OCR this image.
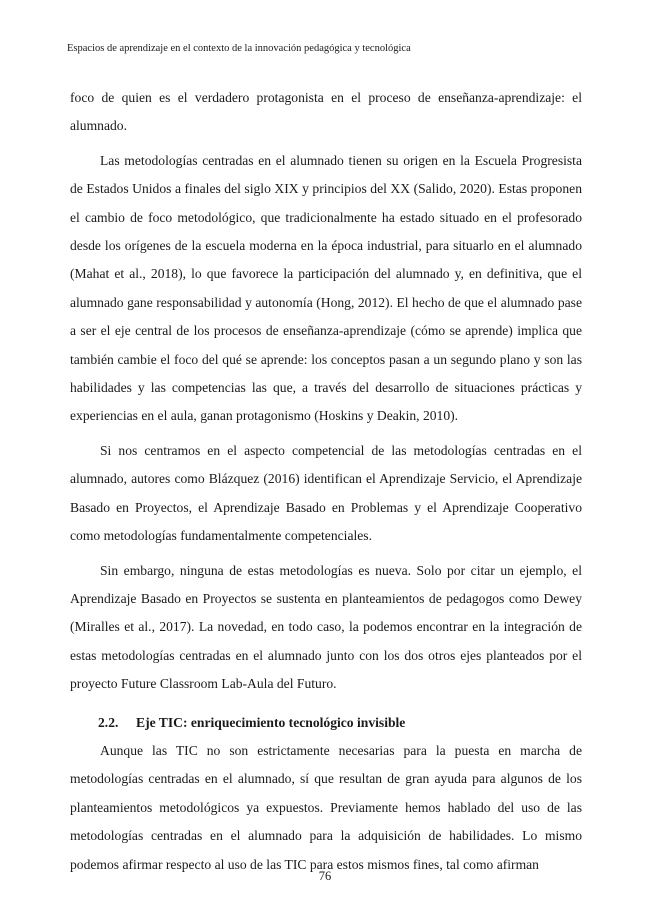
Espacios de aprendizaje en el contexto de la innovación pedagógica y tecnológica

foco de quien es el verdadero protagonista en el proceso de enseñanza-aprendizaje: el alumnado.

Las metodologías centradas en el alumnado tienen su origen en la Escuela Progresista de Estados Unidos a finales del siglo XIX y principios del XX (Salido, 2020). Estas proponen el cambio de foco metodológico, que tradicionalmente ha estado situado en el profesorado desde los orígenes de la escuela moderna en la época industrial, para situarlo en el alumnado (Mahat et al., 2018), lo que favorece la participación del alumnado y, en definitiva, que el alumnado gane responsabilidad y autonomía (Hong, 2012). El hecho de que el alumnado pase a ser el eje central de los procesos de enseñanza-aprendizaje (cómo se aprende) implica que también cambie el foco del qué se aprende: los conceptos pasan a un segundo plano y son las habilidades y las competencias las que, a través del desarrollo de situaciones prácticas y experiencias en el aula, ganan protagonismo (Hoskins y Deakin, 2010).

Si nos centramos en el aspecto competencial de las metodologías centradas en el alumnado, autores como Blázquez (2016) identifican el Aprendizaje Servicio, el Aprendizaje Basado en Proyectos, el Aprendizaje Basado en Problemas y el Aprendizaje Cooperativo como metodologías fundamentalmente competenciales.

Sin embargo, ninguna de estas metodologías es nueva. Solo por citar un ejemplo, el Aprendizaje Basado en Proyectos se sustenta en planteamientos de pedagogos como Dewey (Miralles et al., 2017). La novedad, en todo caso, la podemos encontrar en la integración de estas metodologías centradas en el alumnado junto con los dos otros ejes planteados por el proyecto Future Classroom Lab-Aula del Futuro.

2.2. Eje TIC: enriquecimiento tecnológico invisible

Aunque las TIC no son estrictamente necesarias para la puesta en marcha de metodologías centradas en el alumnado, sí que resultan de gran ayuda para algunos de los planteamientos metodológicos ya expuestos. Previamente hemos hablado del uso de las metodologías centradas en el alumnado para la adquisición de habilidades. Lo mismo podemos afirmar respecto al uso de las TIC para estos mismos fines, tal como afirman

76
